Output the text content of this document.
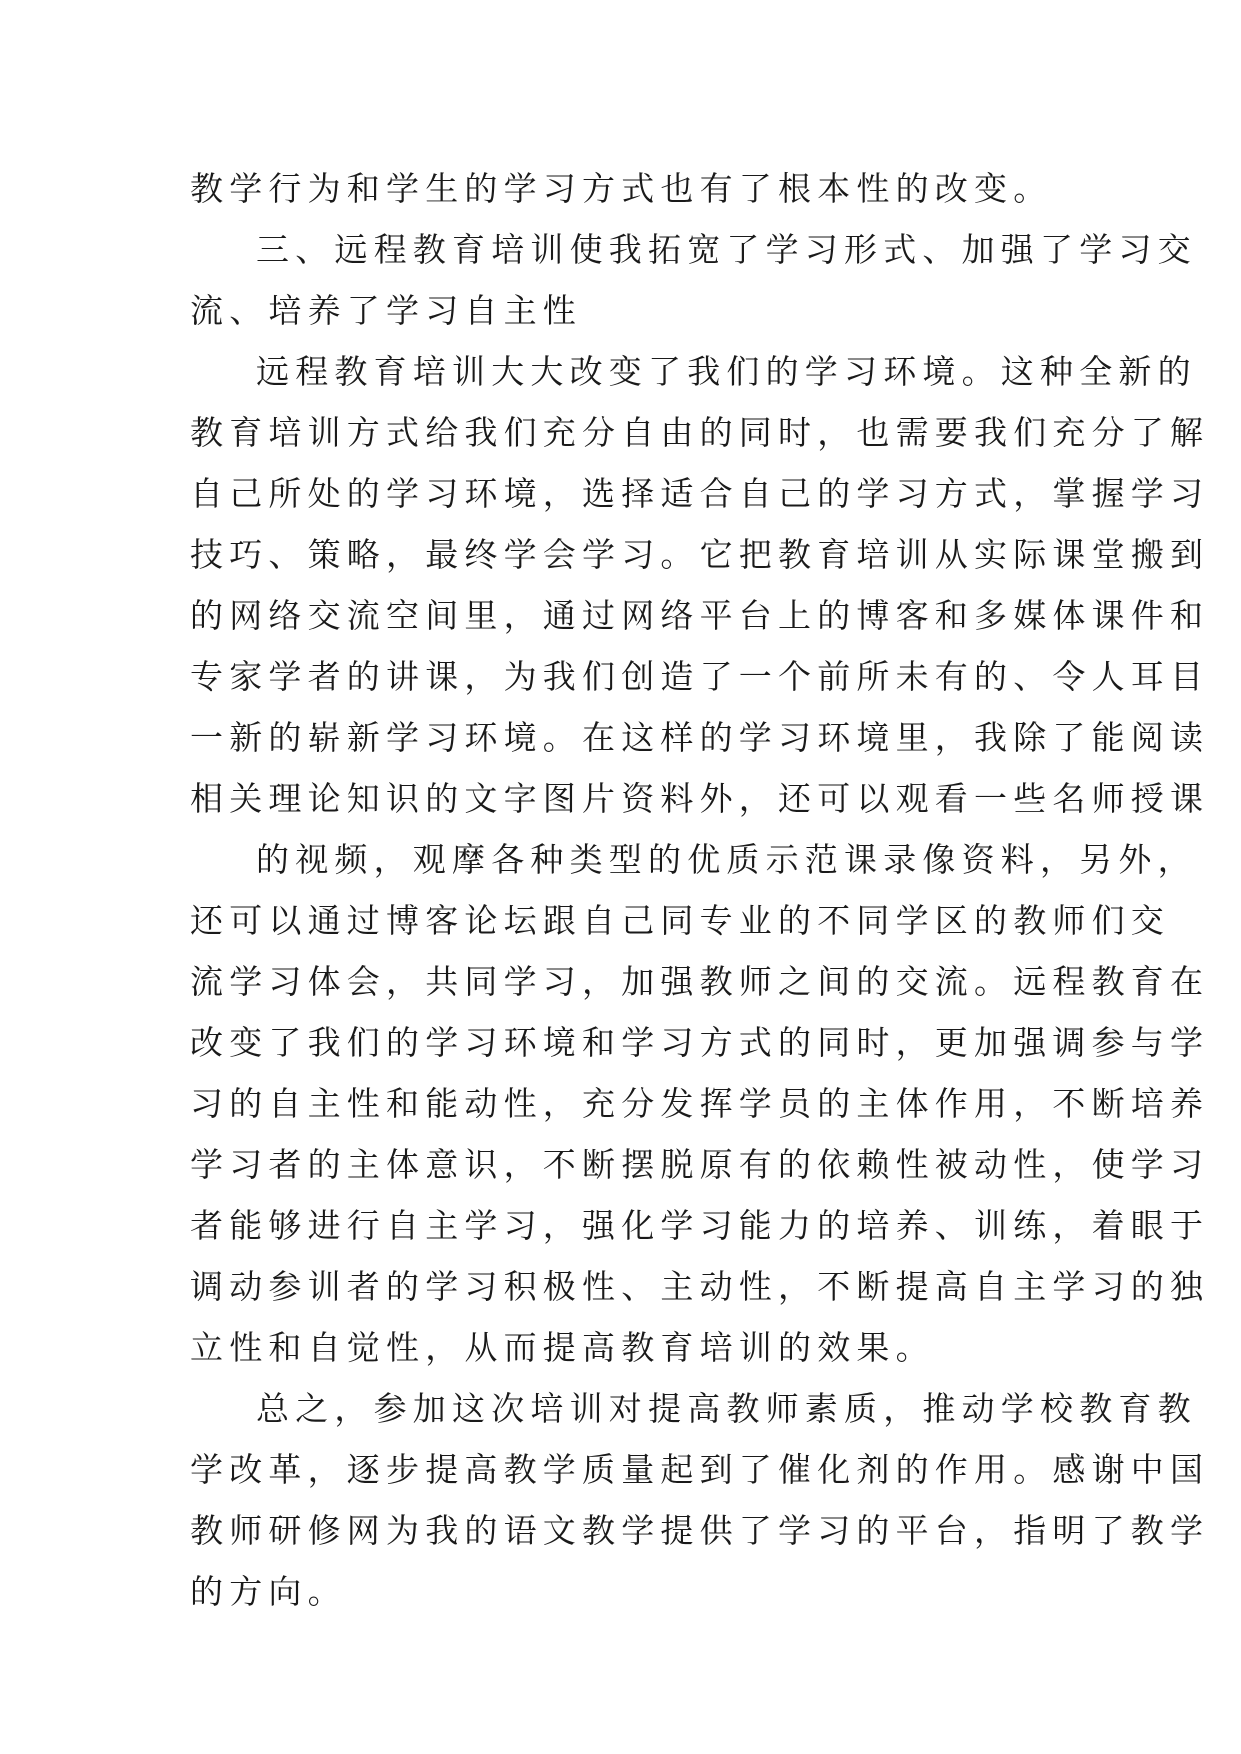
教学行为和学生的学习方式也有了根本性的改变。
三、远程教育培训使我拓宽了学习形式、加强了学习交
流、培养了学习自主性
远程教育培训大大改变了我们的学习环境。这种全新的
教育培训方式给我们充分自由的同时，也需要我们充分了解
自己所处的学习环境，选择适合自己的学习方式，掌握学习
技巧、策略，最终学会学习。它把教育培训从实际课堂搬到
的网络交流空间里，通过网络平台上的博客和多媒体课件和
专家学者的讲课，为我们创造了一个前所未有的、令人耳目
一新的崭新学习环境。在这样的学习环境里，我除了能阅读
相关理论知识的文字图片资料外，还可以观看一些名师授课
的视频，观摩各种类型的优质示范课录像资料，另外，
还可以通过博客论坛跟自己同专业的不同学区的教师们交
流学习体会，共同学习，加强教师之间的交流。远程教育在
改变了我们的学习环境和学习方式的同时，更加强调参与学
习的自主性和能动性，充分发挥学员的主体作用，不断培养
学习者的主体意识，不断摆脱原有的依赖性被动性，使学习
者能够进行自主学习，强化学习能力的培养、训练，着眼于
调动参训者的学习积极性、主动性，不断提高自主学习的独
立性和自觉性，从而提高教育培训的效果。
总之，参加这次培训对提高教师素质，推动学校教育教
学改革，逐步提高教学质量起到了催化剂的作用。感谢中国
教师研修网为我的语文教学提供了学习的平台，指明了教学
的方向。
